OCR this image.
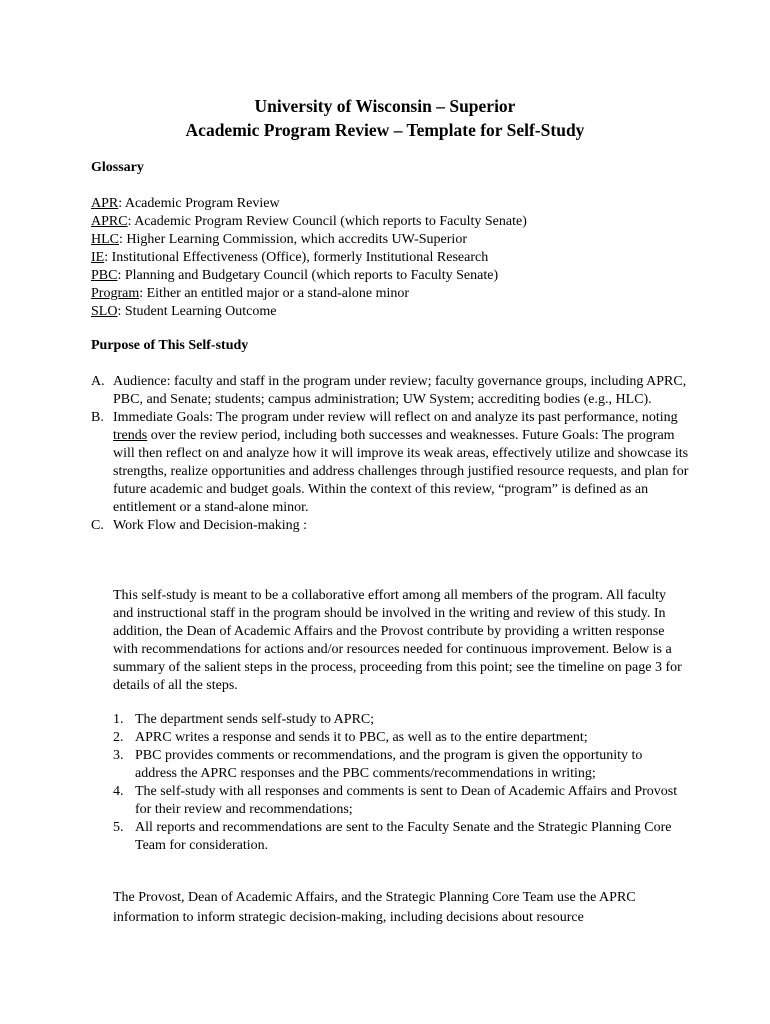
University of Wisconsin – Superior
Academic Program Review – Template for Self-Study
Glossary
APR: Academic Program Review
APRC: Academic Program Review Council (which reports to Faculty Senate)
HLC: Higher Learning Commission, which accredits UW-Superior
IE: Institutional Effectiveness (Office), formerly Institutional Research
PBC: Planning and Budgetary Council (which reports to Faculty Senate)
Program: Either an entitled major or a stand-alone minor
SLO: Student Learning Outcome
Purpose of This Self-study
A. Audience: faculty and staff in the program under review; faculty governance groups, including APRC, PBC, and Senate; students; campus administration; UW System; accrediting bodies (e.g., HLC).
B. Immediate Goals: The program under review will reflect on and analyze its past performance, noting trends over the review period, including both successes and weaknesses. Future Goals: The program will then reflect on and analyze how it will improve its weak areas, effectively utilize and showcase its strengths, realize opportunities and address challenges through justified resource requests, and plan for future academic and budget goals. Within the context of this review, “program” is defined as an entitlement or a stand-alone minor.
C. Work Flow and Decision-making :

This self-study is meant to be a collaborative effort among all members of the program. All faculty and instructional staff in the program should be involved in the writing and review of this study. In addition, the Dean of Academic Affairs and the Provost contribute by providing a written response with recommendations for actions and/or resources needed for continuous improvement. Below is a summary of the salient steps in the process, proceeding from this point; see the timeline on page 3 for details of all the steps.

1. The department sends self-study to APRC;
2. APRC writes a response and sends it to PBC, as well as to the entire department;
3. PBC provides comments or recommendations, and the program is given the opportunity to address the APRC responses and the PBC comments/recommendations in writing;
4. The self-study with all responses and comments is sent to Dean of Academic Affairs and Provost for their review and recommendations;
5. All reports and recommendations are sent to the Faculty Senate and the Strategic Planning Core Team for consideration.

The Provost, Dean of Academic Affairs, and the Strategic Planning Core Team use the APRC information to inform strategic decision-making, including decisions about resource
